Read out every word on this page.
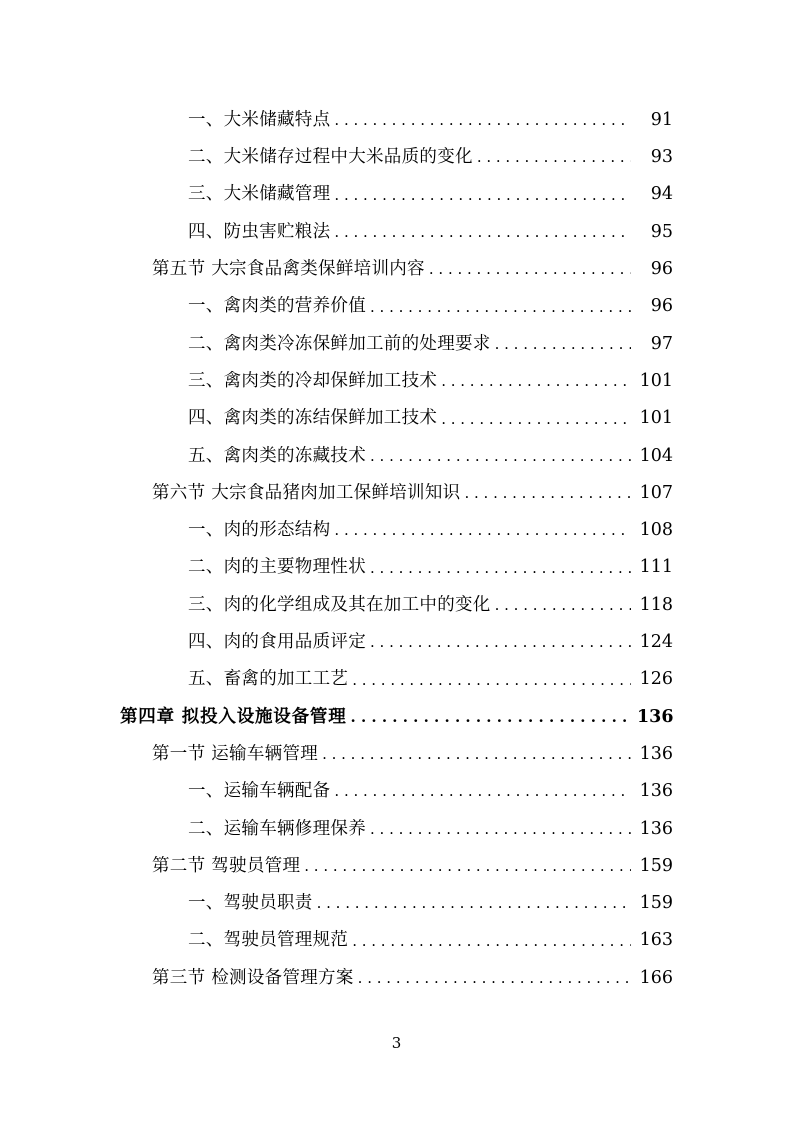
一、大米储藏特点 . . .	91
二、大米储存过程中大米品质的变化 . . .	93
三、大米储藏管理 . . .	94
四、防虫害贮粮法 . . .	95
第五节 大宗食品禽类保鲜培训内容 . . .	96
一、禽肉类的营养价值 . . .	96
二、禽肉类冷冻保鲜加工前的处理要求 . . .	97
三、禽肉类的冷却保鲜加工技术 . . .	101
四、禽肉类的冻结保鲜加工技术 . . .	101
五、禽肉类的冻藏技术 . . .	104
第六节 大宗食品猪肉加工保鲜培训知识 . . .	107
一、肉的形态结构 . . .	108
二、肉的主要物理性状 . . .	111
三、肉的化学组成及其在加工中的变化 . . .	118
四、肉的食用品质评定 . . .	124
五、畜禽的加工工艺 . . .	126
第四章 拟投入设施设备管理 . . .	136
第一节 运输车辆管理 . . .	136
一、运输车辆配备 . . .	136
二、运输车辆修理保养 . . .	136
第二节 驾驶员管理 . . .	159
一、驾驶员职责 . . .	159
二、驾驶员管理规范 . . .	163
第三节 检测设备管理方案 . . .	166
3
